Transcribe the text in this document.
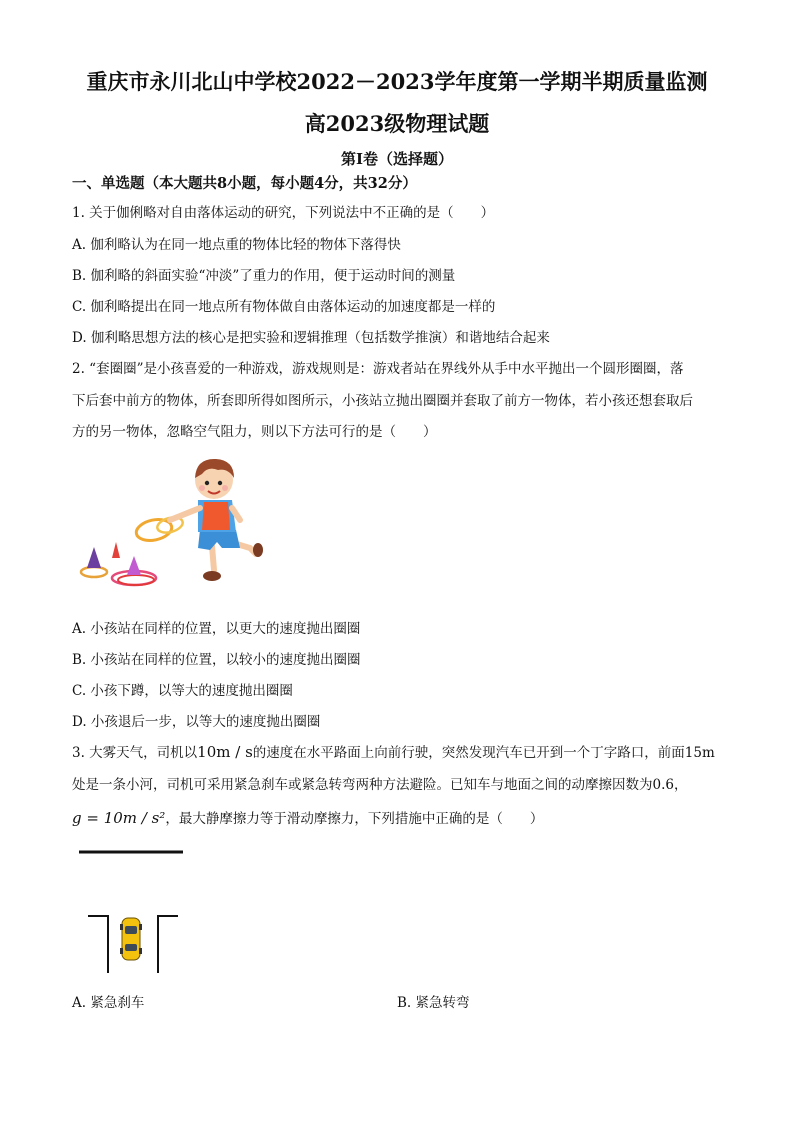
重庆市永川北山中学校2022－2023学年度第一学期半期质量监测
高2023级物理试题
第Ⅰ卷（选择题）
一、单选题（本大题共8小题，每小题4分，共32分）
1. 关于伽俐略对自由落体运动的研究，下列说法中不正确的是（　　）
A. 伽利略认为在同一地点重的物体比轻的物体下落得快
B. 伽利略的斜面实验“冲淡”了重力的作用，便于运动时间的测量
C. 伽利略提出在同一地点所有物体做自由落体运动的加速度都是一样的
D. 伽利略思想方法的核心是把实验和逻辑推理（包括数学推演）和谐地结合起来
2. “套圈圈”是小孩喜爱的一种游戏，游戏规则是：游戏者站在界线外从手中水平抛出一个圆形圈圈，落
下后套中前方的物体，所套即所得如图所示，小孩站立抛出圈圈并套取了前方一物体，若小孩还想套取后
方的另一物体，忽略空气阻力，则以下方法可行的是（　　）
A. 小孩站在同样的位置，以更大的速度抛出圈圈
B. 小孩站在同样的位置，以较小的速度抛出圈圈
C. 小孩下蹲，以等大的速度抛出圈圈
D. 小孩退后一步，以等大的速度抛出圈圈
3. 大雾天气，司机以10m / s的速度在水平路面上向前行驶，突然发现汽车已开到一个丁字路口，前面15m
处是一条小河，司机可采用紧急刹车或紧急转弯两种方法避险。已知车与地面之间的动摩擦因数为0.6，
g = 10m / s²，最大静摩擦力等于滑动摩擦力，下列措施中正确的是（　　）
A. 紧急刹车	B. 紧急转弯
